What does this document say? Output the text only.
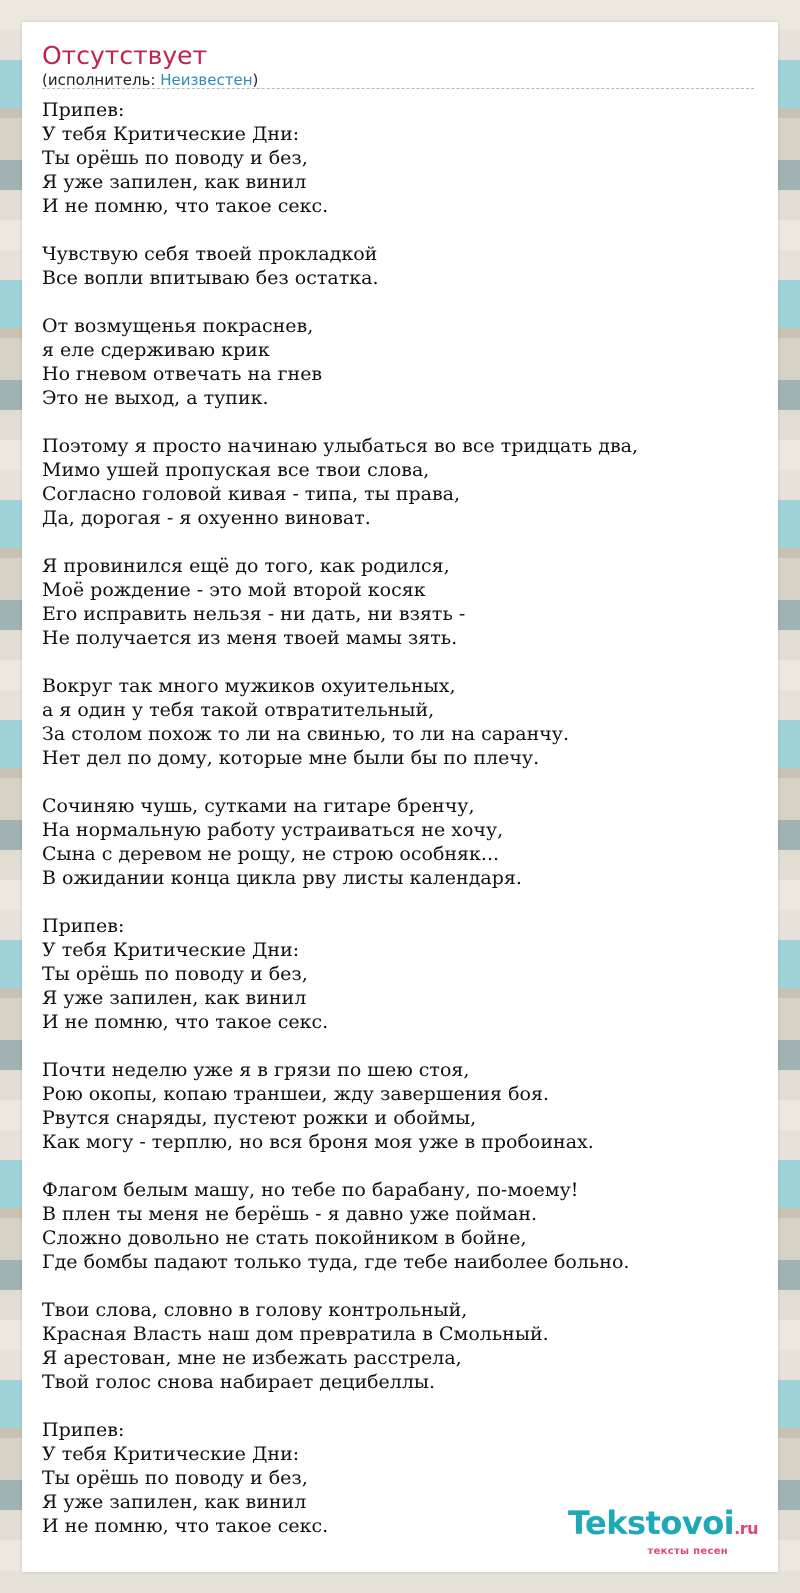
Отсутствует
(исполнитель: Неизвестен)
Припев:
У тебя Критические Дни:
Ты орёшь по поводу и без,
Я уже запилен, как винил
И не помню, что такое секс.
Чувствую себя твоей прокладкой
Все вопли впитываю без остатка.
От возмущенья покраснев,
я еле сдерживаю крик
Но гневом отвечать на гнев
Это не выход, а тупик.
Поэтому я просто начинаю улыбаться во все тридцать два,
Мимо ушей пропуская все твои слова,
Согласно головой кивая - типа, ты права,
Да, дорогая - я охуенно виноват.
Я провинился ещё до того, как родился,
Моё рождение - это мой второй косяк
Его исправить нельзя - ни дать, ни взять -
Не получается из меня твоей мамы зять.
Вокруг так много мужиков охуительных,
а я один у тебя такой отвратительный,
За столом похож то ли на свинью, то ли на саранчу.
Нет дел по дому, которые мне были бы по плечу.
Сочиняю чушь, сутками на гитаре бренчу,
На нормальную работу устраиваться не хочу,
Сына с деревом не рощу, не строю особняк...
В ожидании конца цикла рву листы календаря.
Припев:
У тебя Критические Дни:
Ты орёшь по поводу и без,
Я уже запилен, как винил
И не помню, что такое секс.
Почти неделю уже я в грязи по шею стоя,
Рою окопы, копаю траншеи, жду завершения боя.
Рвутся снаряды, пустеют рожки и обоймы,
Как могу - терплю, но вся броня моя уже в пробоинах.
Флагом белым машу, но тебе по барабану, по-моему!
В плен ты меня не берёшь - я давно уже пойман.
Сложно довольно не стать покойником в бойне,
Где бомбы падают только туда, где тебе наиболее больно.
Твои слова, словно в голову контрольный,
Красная Власть наш дом превратила в Смольный.
Я арестован, мне не избежать расстрела,
Твой голос снова набирает децибеллы.
Припев:
У тебя Критические Дни:
Ты орёшь по поводу и без,
Я уже запилен, как винил
И не помню, что такое секс.	Tekstovoi.ru
тексты песен
